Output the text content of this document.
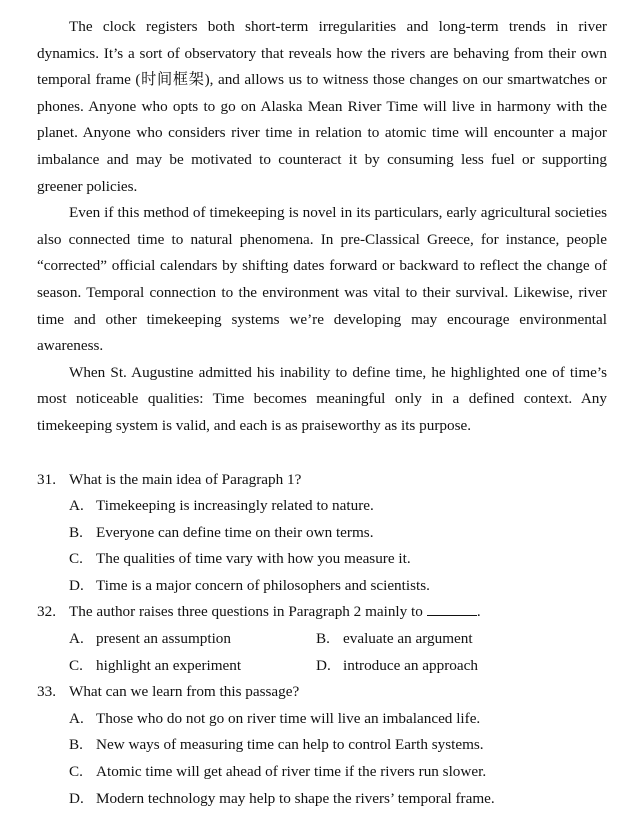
The clock registers both short-term irregularities and long-term trends in river dynamics. It’s a sort of observatory that reveals how the rivers are behaving from their own temporal frame (时间框架), and allows us to witness those changes on our smartwatches or phones. Anyone who opts to go on Alaska Mean River Time will live in harmony with the planet. Anyone who considers river time in relation to atomic time will encounter a major imbalance and may be motivated to counteract it by consuming less fuel or supporting greener policies.

Even if this method of timekeeping is novel in its particulars, early agricultural societies also connected time to natural phenomena. In pre-Classical Greece, for instance, people “corrected” official calendars by shifting dates forward or backward to reflect the change of season. Temporal connection to the environment was vital to their survival. Likewise, river time and other timekeeping systems we’re developing may encourage environmental awareness.

When St. Augustine admitted his inability to define time, he highlighted one of time’s most noticeable qualities: Time becomes meaningful only in a defined context. Any timekeeping system is valid, and each is as praiseworthy as its purpose.

31. What is the main idea of Paragraph 1?
A. Timekeeping is increasingly related to nature.
B. Everyone can define time on their own terms.
C. The qualities of time vary with how you measure it.
D. Time is a major concern of philosophers and scientists.
32. The author raises three questions in Paragraph 2 mainly to	.
A. present an assumption	B. evaluate an argument
C. highlight an experiment	D. introduce an approach
33. What can we learn from this passage?
A. Those who do not go on river time will live an imbalanced life.
B. New ways of measuring time can help to control Earth systems.
C. Atomic time will get ahead of river time if the rivers run slower.
D. Modern technology may help to shape the rivers’ temporal frame.
